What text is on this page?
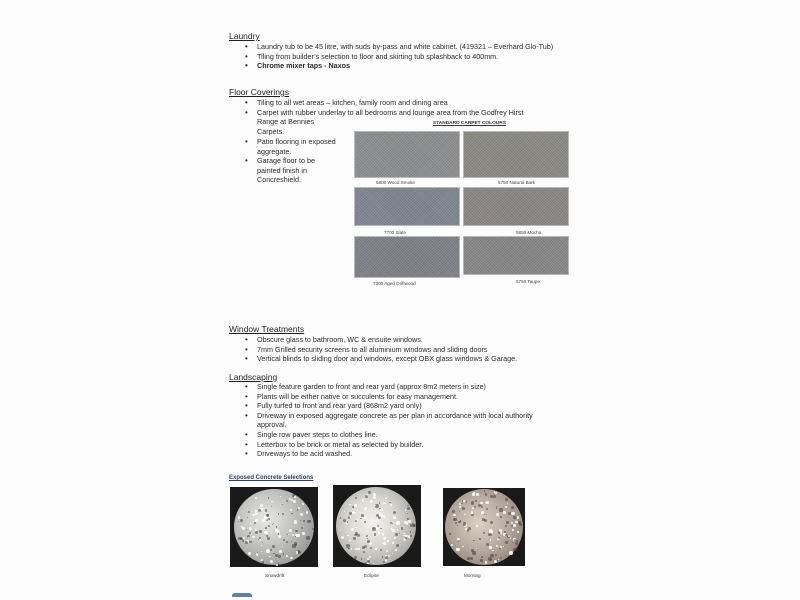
Laundry
• Laundry tub to be 45 litre, with suds by-pass and white cabinet. (419321 – Everhard Glo-Tub)
• Tiling from builder’s selection to floor and skirting tub splashback to 400mm.
• Chrome mixer taps - Naxos
Floor Coverings
• Tiling to all wet areas – kitchen, family room and dining area
• Carpet with rubber underlay to all bedrooms and lounge area from the Godfrey Hirst
Range at Bennies
Carpets.
• Patio flooring in exposed aggregate.
• Garage floor to be painted finish in Concreshield.
STANDARD CARPET COLOURS
5800 Wood Smoke	5750 Natural Bark
7700 Slate	5850 Mocha
7300 Aged Driftwood	5750 Taupe
Window Treatments
• Obscure glass to bathroom, WC & ensuite windows.
• 7mm Grilled security screens to all aluminium windows and sliding doors
• Vertical blinds to sliding door and windows, except OBX glass windows & Garage.
Landscaping
• Single feature garden to front and rear yard (approx 8m2 meters in size)
• Plants will be either native or succulents for easy management.
• Fully turfed to front and rear yard (868m2 yard only)
• Driveway in exposed aggregate concrete as per plan in accordance with local authority approval.
• Single row paver steps to clothes line.
• Letterbox to be brick or metal as selected by builder.
• Driveways to be acid washed.
Exposed Concrete Selections
Snowdrift	Eclipse	Morning
